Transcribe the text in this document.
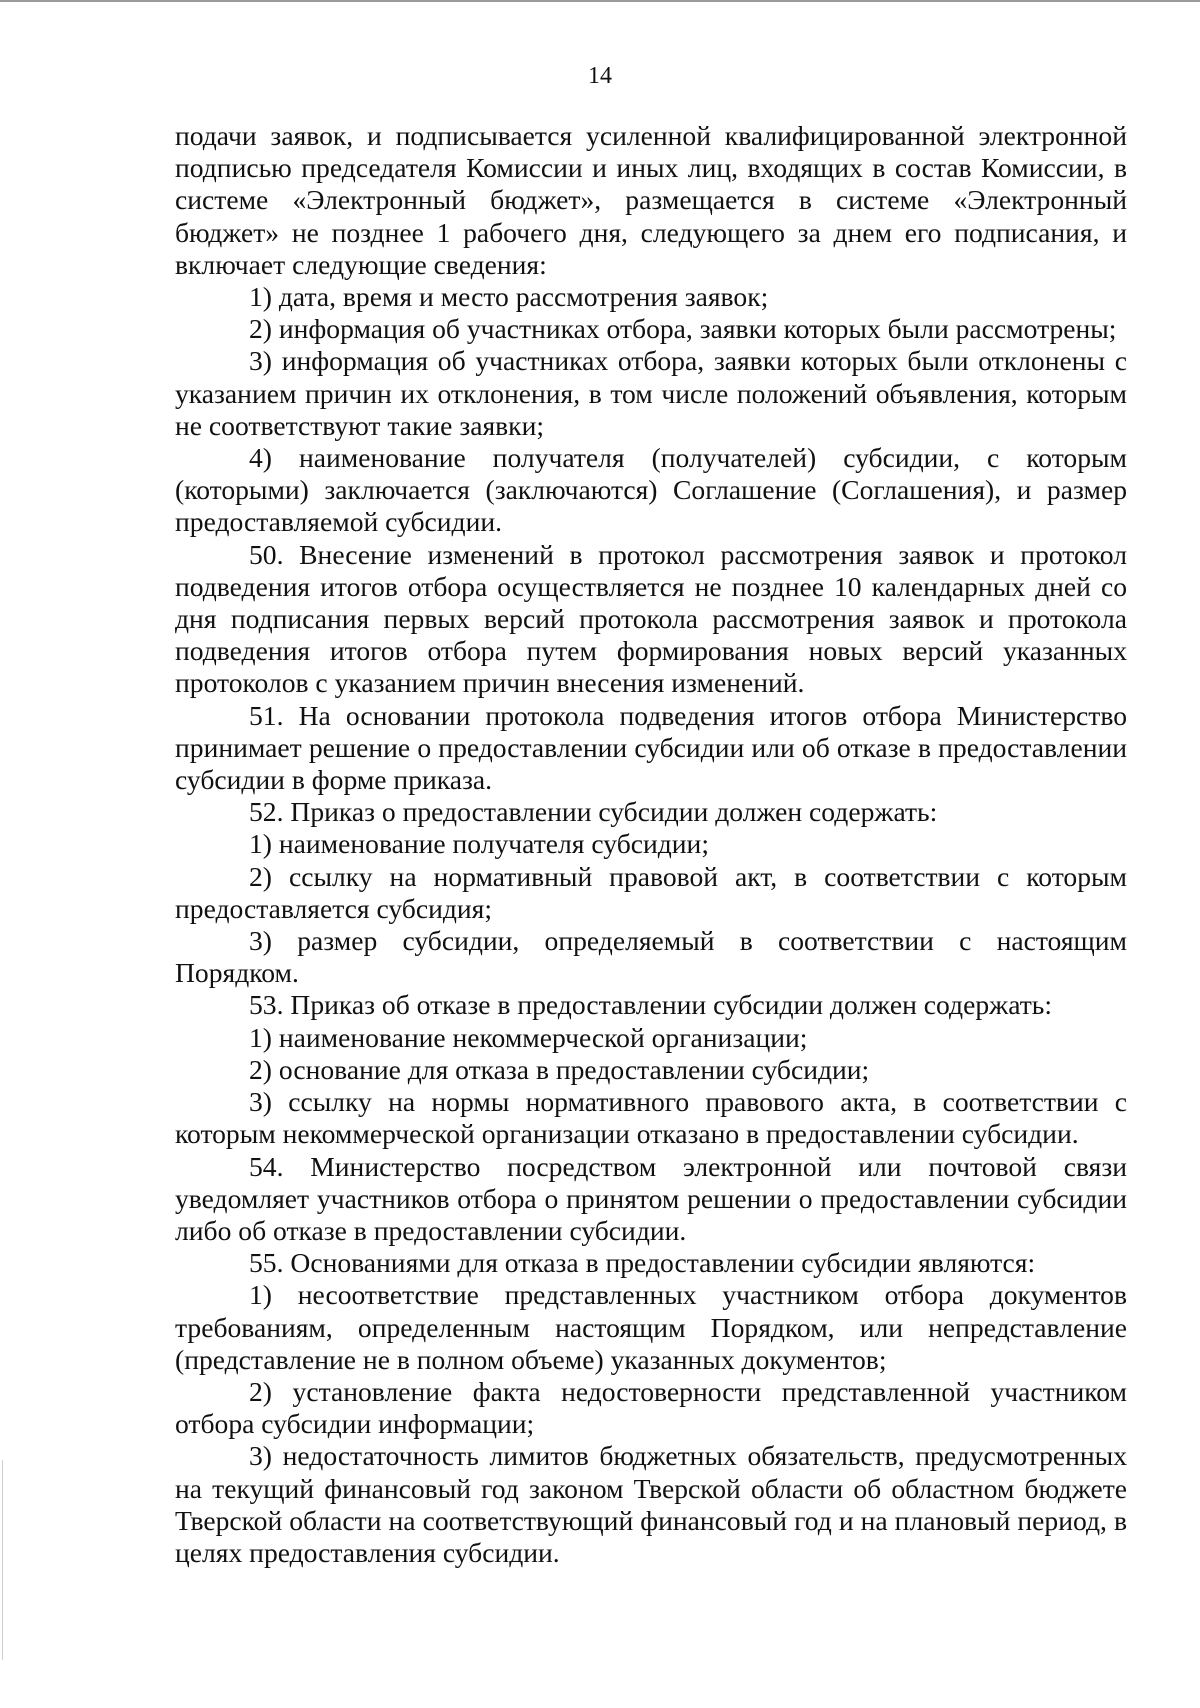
14

подачи заявок, и подписывается усиленной квалифицированной электронной подписью председателя Комиссии и иных лиц, входящих в состав Комиссии, в системе «Электронный бюджет», размещается в системе «Электронный бюджет» не позднее 1 рабочего дня, следующего за днем его подписания, и включает следующие сведения:

1) дата, время и место рассмотрения заявок;

2) информация об участниках отбора, заявки которых были рассмотрены;

3) информация об участниках отбора, заявки которых были отклонены с указанием причин их отклонения, в том числе положений объявления, которым не соответствуют такие заявки;

4) наименование получателя (получателей) субсидии, с которым (которыми) заключается (заключаются) Соглашение (Соглашения), и размер предоставляемой субсидии.

50. Внесение изменений в протокол рассмотрения заявок и протокол подведения итогов отбора осуществляется не позднее 10 календарных дней со дня подписания первых версий протокола рассмотрения заявок и протокола подведения итогов отбора путем формирования новых версий указанных протоколов с указанием причин внесения изменений.

51. На основании протокола подведения итогов отбора Министерство принимает решение о предоставлении субсидии или об отказе в предоставлении субсидии в форме приказа.

52. Приказ о предоставлении субсидии должен содержать:

1) наименование получателя субсидии;

2) ссылку на нормативный правовой акт, в соответствии с которым предоставляется субсидия;

3) размер субсидии, определяемый в соответствии с настоящим Порядком.

53. Приказ об отказе в предоставлении субсидии должен содержать:

1) наименование некоммерческой организации;

2) основание для отказа в предоставлении субсидии;

3) ссылку на нормы нормативного правового акта, в соответствии с которым некоммерческой организации отказано в предоставлении субсидии.

54. Министерство посредством электронной или почтовой связи уведомляет участников отбора о принятом решении о предоставлении субсидии либо об отказе в предоставлении субсидии.

55. Основаниями для отказа в предоставлении субсидии являются:

1) несоответствие представленных участником отбора документов требованиям, определенным настоящим Порядком, или непредставление (представление не в полном объеме) указанных документов;

2) установление факта недостоверности представленной участником отбора субсидии информации;

3) недостаточность лимитов бюджетных обязательств, предусмотренных на текущий финансовый год законом Тверской области об областном бюджете Тверской области на соответствующий финансовый год и на плановый период, в целях предоставления субсидии.
